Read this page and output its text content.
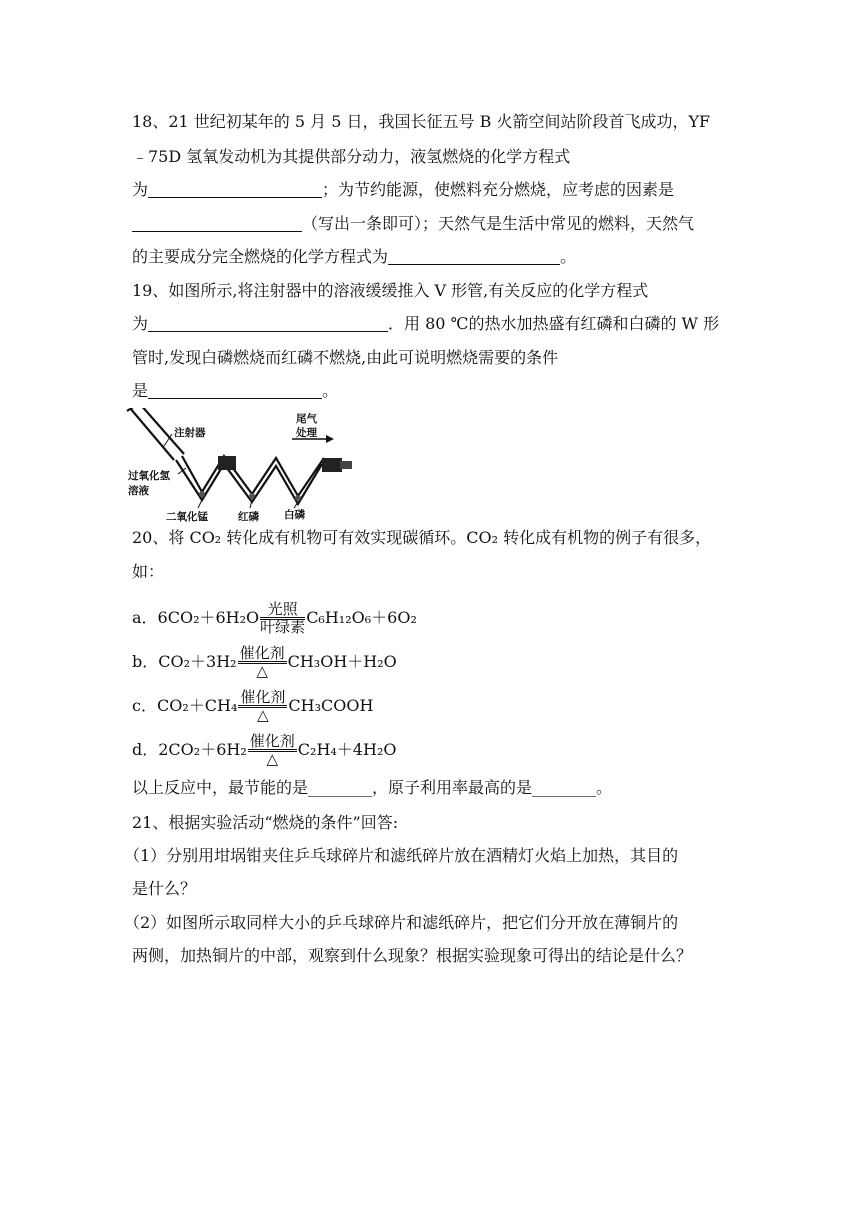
18、21 世纪初某年的 5 月 5 日，我国长征五号 B 火箭空间站阶段首飞成功，YF
﹣75D 氢氧发动机为其提供部分动力，液氢燃烧的化学方程式
为	；为节约能源，使燃料充分燃烧，应考虑的因素是
（写出一条即可）；天然气是生活中常见的燃料，天然气
的主要成分完全燃烧的化学方程式为	。
19、如图所示,将注射器中的溶液缓缓推入 V 形管,有关反应的化学方程式
为	．用 80 ℃的热水加热盛有红磷和白磷的 W 形
管时,发现白磷燃烧而红磷不燃烧,由此可说明燃烧需要的条件
是	。
注射器
过氧化氢
溶液
二氧化锰	红磷 白磷
尾气
处理
20、将 CO₂ 转化成有机物可有效实现碳循环。CO₂ 转化成有机物的例子有很多，
如：
a．6CO₂＋6H₂O 光照
叶绿素 C₆H₁₂O₆＋6O₂
b．CO₂＋3H₂ 催化剂
△	CH₃OH＋H₂O
c．CO₂＋CH₄ 催化剂
△	CH₃COOH
d．2CO₂＋6H₂ 催化剂
△	C₂H₄＋4H₂O
以上反应中，最节能的是________，原子利用率最高的是________。
21、根据实验活动“燃烧的条件”回答:
（1）分别用坩埚钳夹住乒乓球碎片和滤纸碎片放在酒精灯火焰上加热，其目的
是什么？
（2）如图所示取同样大小的乒乓球碎片和滤纸碎片，把它们分开放在薄铜片的
两侧，加热铜片的中部，观察到什么现象？根据实验现象可得出的结论是什么？
